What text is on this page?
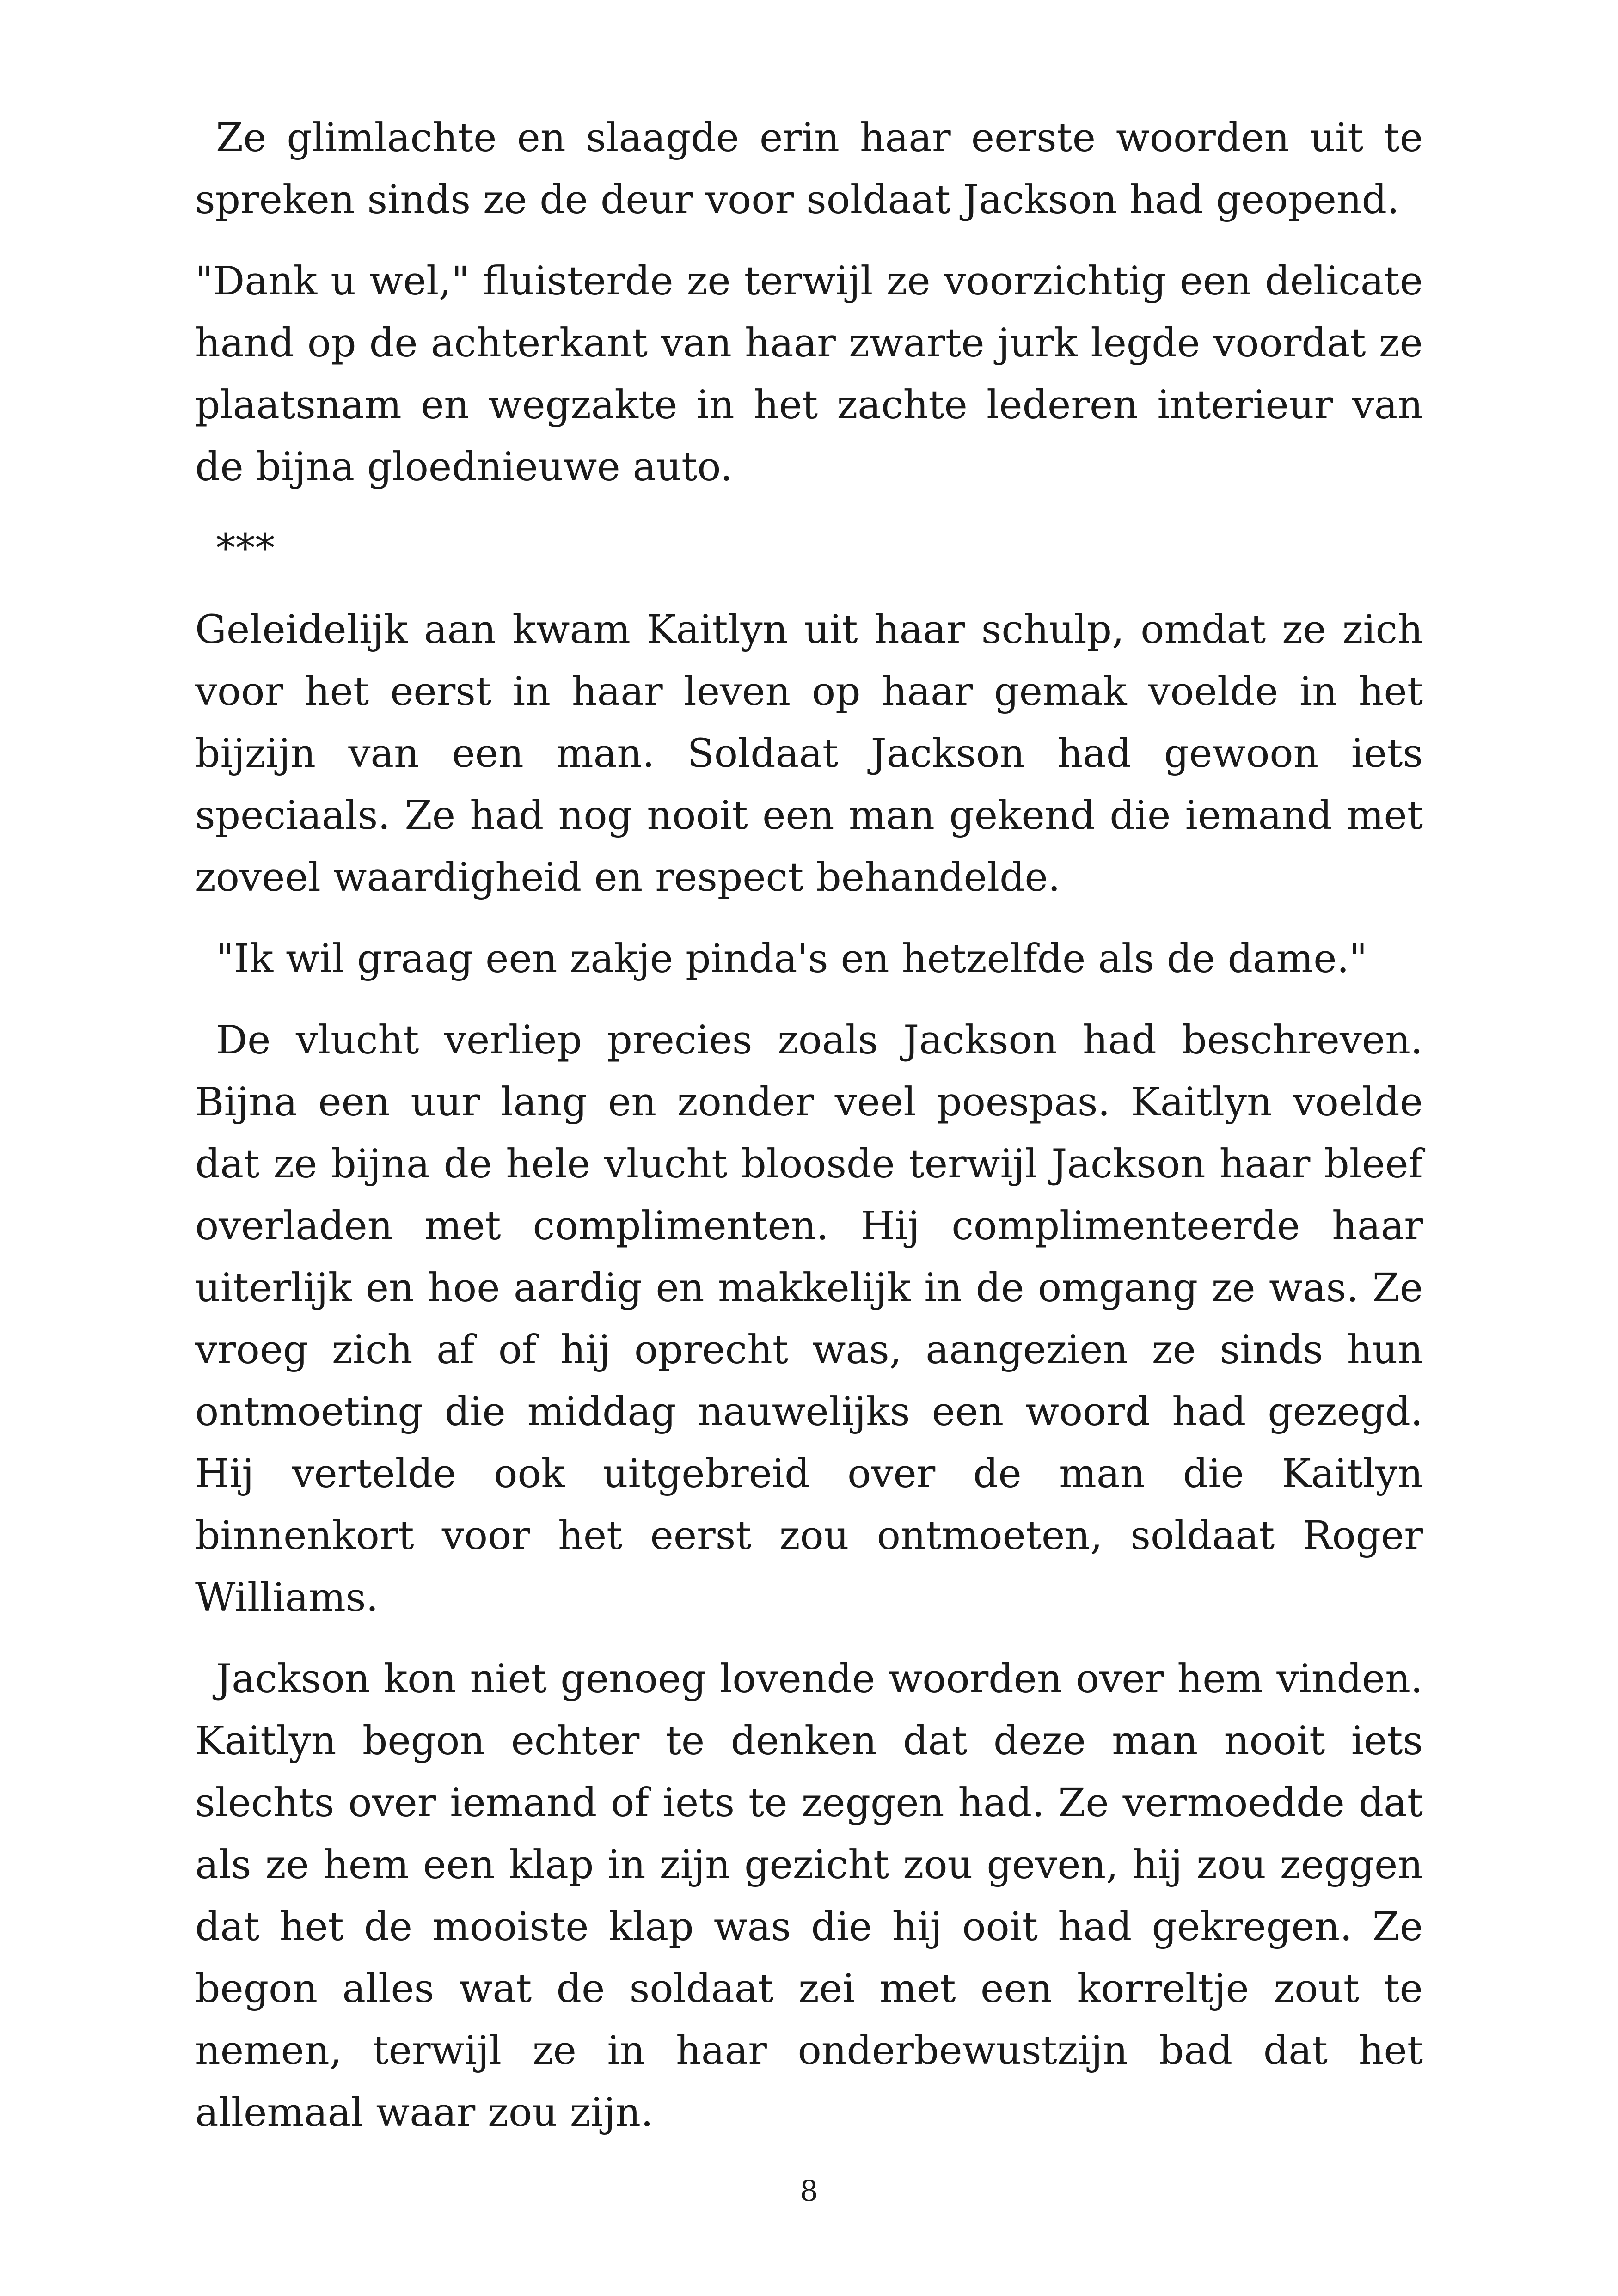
Ze glimlachte en slaagde erin haar eerste woorden uit te spreken sinds ze de deur voor soldaat Jackson had geopend.

"Dank u wel," fluisterde ze terwijl ze voorzichtig een delicate hand op de achterkant van haar zwarte jurk legde voordat ze plaatsnam en wegzakte in het zachte lederen interieur van de bijna gloednieuwe auto.

***

Geleidelijk aan kwam Kaitlyn uit haar schulp, omdat ze zich voor het eerst in haar leven op haar gemak voelde in het bijzijn van een man. Soldaat Jackson had gewoon iets speciaals. Ze had nog nooit een man gekend die iemand met zoveel waardigheid en respect behandelde.

"Ik wil graag een zakje pinda's en hetzelfde als de dame."

De vlucht verliep precies zoals Jackson had beschreven. Bijna een uur lang en zonder veel poespas. Kaitlyn voelde dat ze bijna de hele vlucht bloosde terwijl Jackson haar bleef overladen met complimenten. Hij complimenteerde haar uiterlijk en hoe aardig en makkelijk in de omgang ze was. Ze vroeg zich af of hij oprecht was, aangezien ze sinds hun ontmoeting die middag nauwelijks een woord had gezegd. Hij vertelde ook uitgebreid over de man die Kaitlyn binnenkort voor het eerst zou ontmoeten, soldaat Roger Williams.

Jackson kon niet genoeg lovende woorden over hem vinden. Kaitlyn begon echter te denken dat deze man nooit iets slechts over iemand of iets te zeggen had. Ze vermoedde dat als ze hem een klap in zijn gezicht zou geven, hij zou zeggen dat het de mooiste klap was die hij ooit had gekregen. Ze begon alles wat de soldaat zei met een korreltje zout te nemen, terwijl ze in haar onderbewustzijn bad dat het allemaal waar zou zijn.

8
